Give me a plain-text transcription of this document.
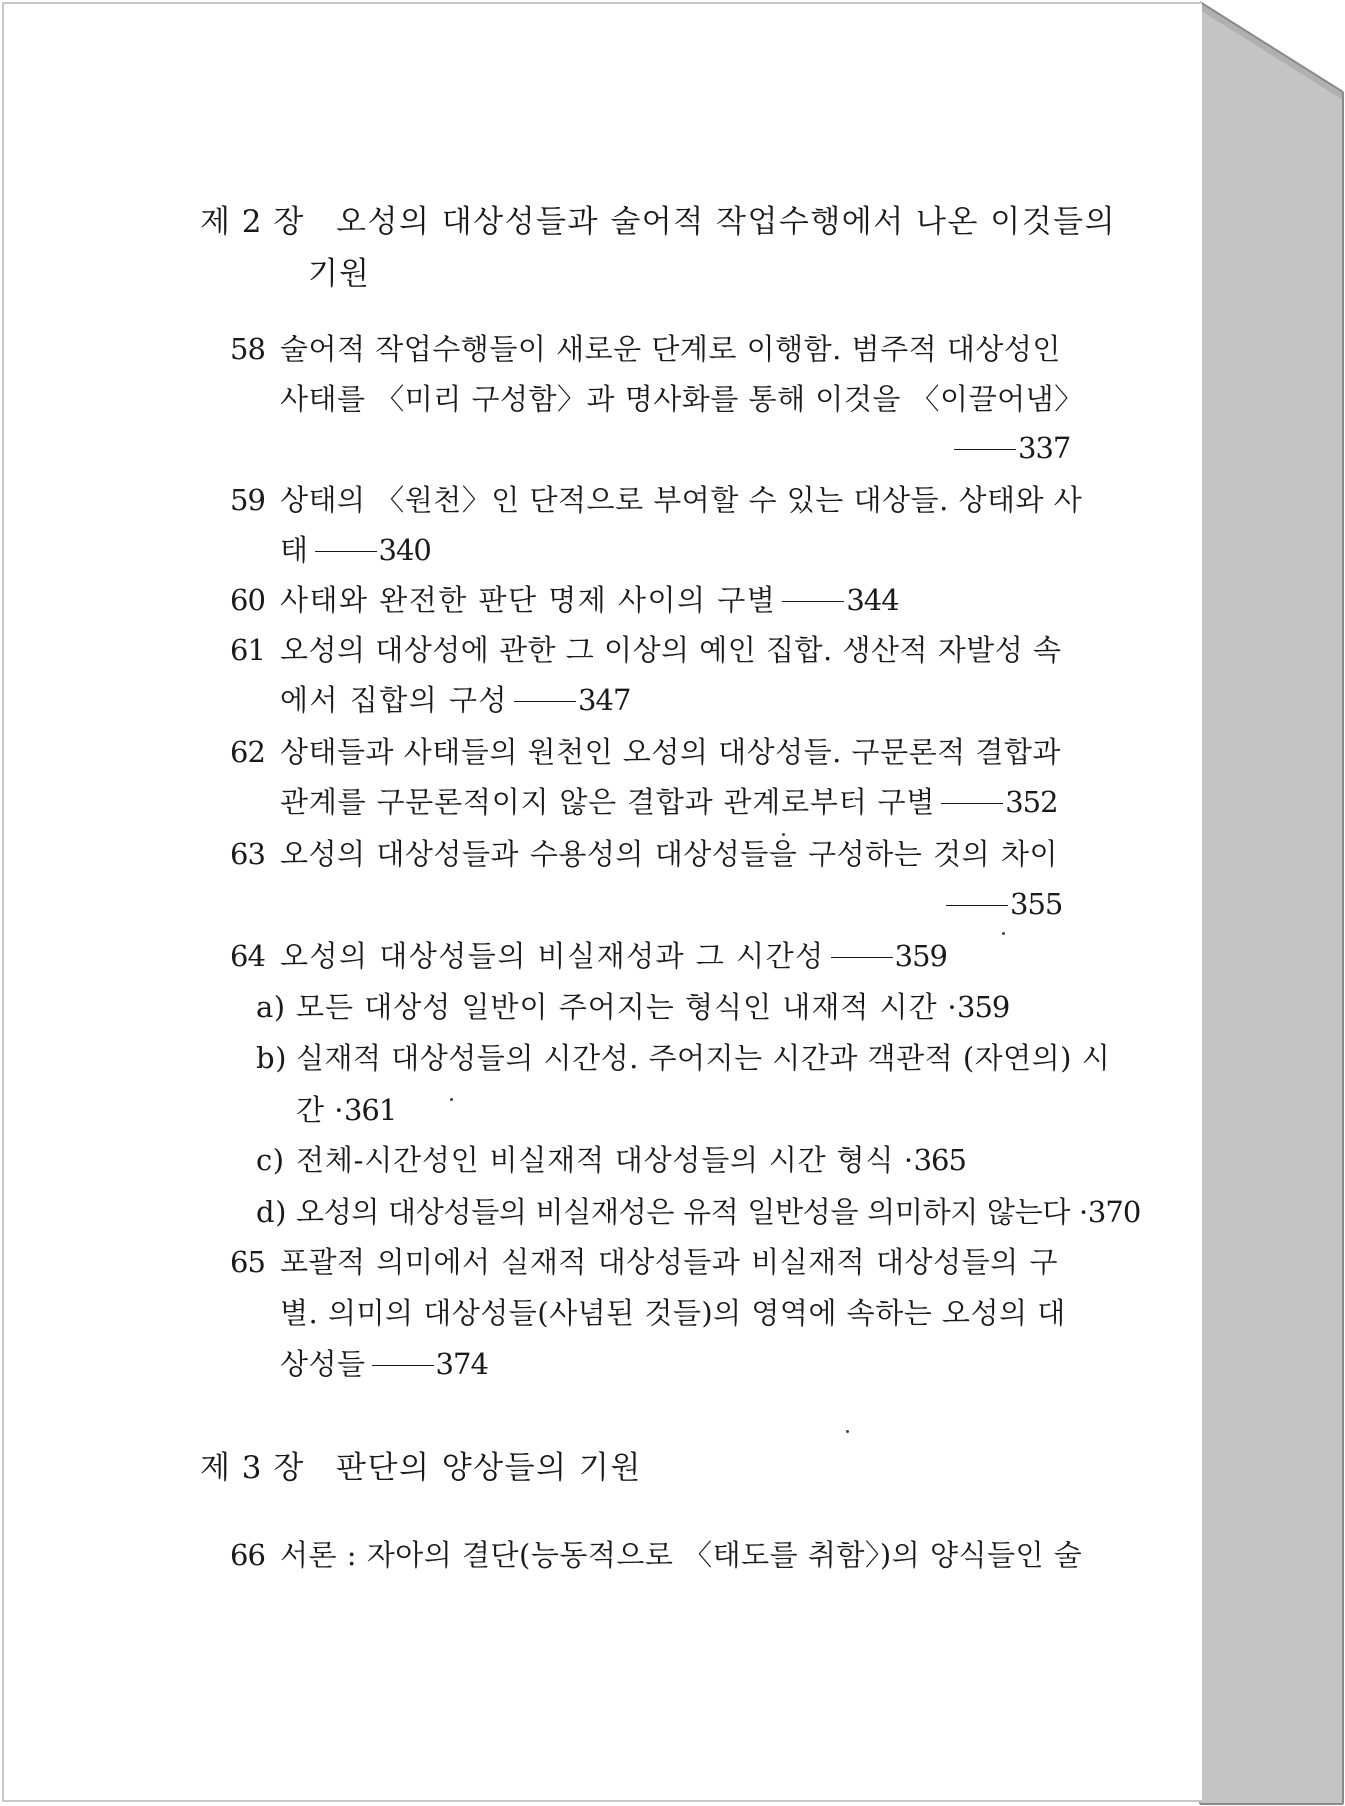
제 2 장 오성의 대상성들과 술어적 작업수행에서 나온 이것들의
기원
58 술어적 작업수행들이 새로운 단계로 이행함. 범주적 대상성인
사태를 〈미리 구성함〉과 명사화를 통해 이것을 〈이끌어냄〉
337
59 상태의 〈원천〉인 단적으로 부여할 수 있는 대상들. 상태와 사
태 340
60 사태와 완전한 판단 명제 사이의 구별 344
61 오성의 대상성에 관한 그 이상의 예인 집합. 생산적 자발성 속
에서 집합의 구성 347
62 상태들과 사태들의 원천인 오성의 대상성들. 구문론적 결합과
관계를 구문론적이지 않은 결합과 관계로부터 구별 352
63 오성의 대상성들과 수용성의 대상성들을 구성하는 것의 차이
355
64 오성의 대상성들의 비실재성과 그 시간성 359
a) 모든 대상성 일반이 주어지는 형식인 내재적 시간 ·359
b) 실재적 대상성들의 시간성. 주어지는 시간과 객관적 (자연의) 시
간 ·361
c) 전체-시간성인 비실재적 대상성들의 시간 형식 ·365
d) 오성의 대상성들의 비실재성은 유적 일반성을 의미하지 않는다 ·370
65 포괄적 의미에서 실재적 대상성들과 비실재적 대상성들의 구
별. 의미의 대상성들(사념된 것들)의 영역에 속하는 오성의 대
상성들 374
제 3 장 판단의 양상들의 기원
66 서론 : 자아의 결단(능동적으로 〈태도를 취함〉)의 양식들인 술
